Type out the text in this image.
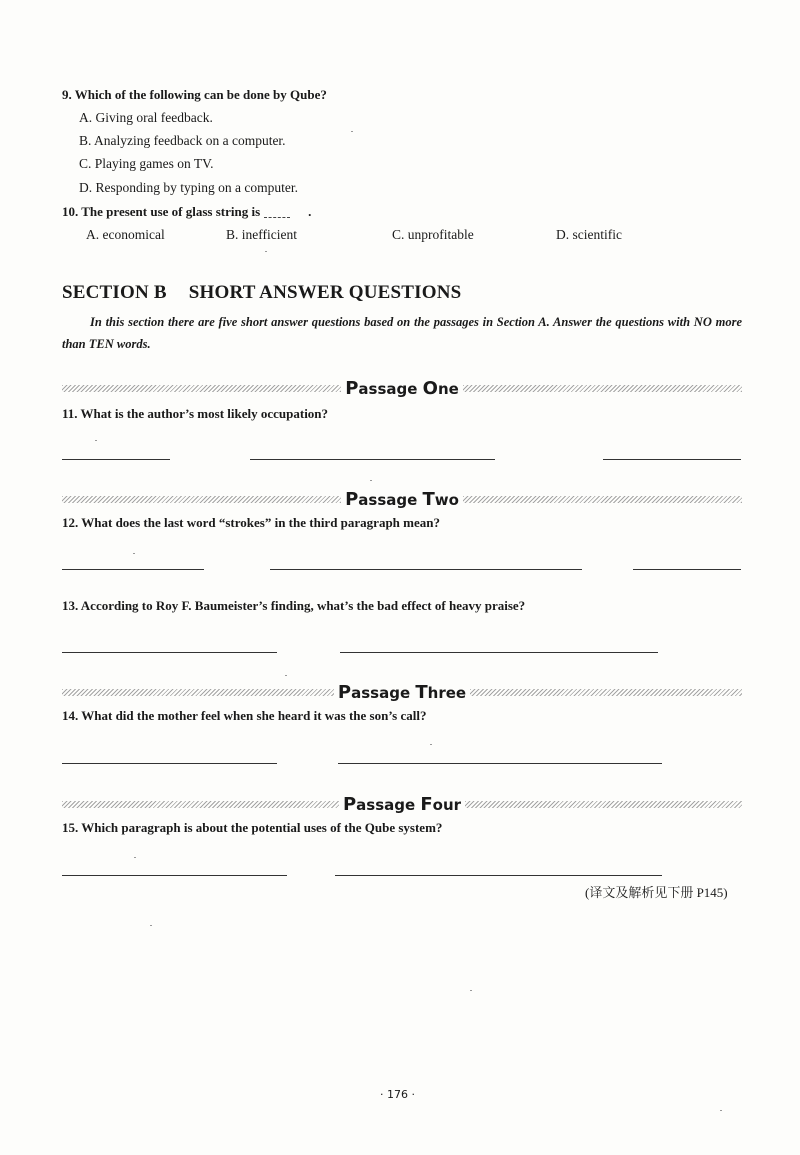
9. Which of the following can be done by Qube?
A. Giving oral feedback.
B. Analyzing feedback on a computer.
C. Playing games on TV.
D. Responding by typing on a computer.
10. The present use of glass string is	.
A. economical	B. inefficient	C. unprofitable	D. scientific
SECTION B SHORT ANSWER QUESTIONS
In this section there are five short answer questions based on the passages in Section A. Answer the questions with NO more than TEN words.
Passage One
11. What is the author’s most likely occupation?
Passage Two
12. What does the last word “strokes” in the third paragraph mean?
13. According to Roy F. Baumeister’s finding, what’s the bad effect of heavy praise?
Passage Three
14. What did the mother feel when she heard it was the son’s call?
Passage Four
15. Which paragraph is about the potential uses of the Qube system?
(译文及解析见下册 P145)
· 176 ·
